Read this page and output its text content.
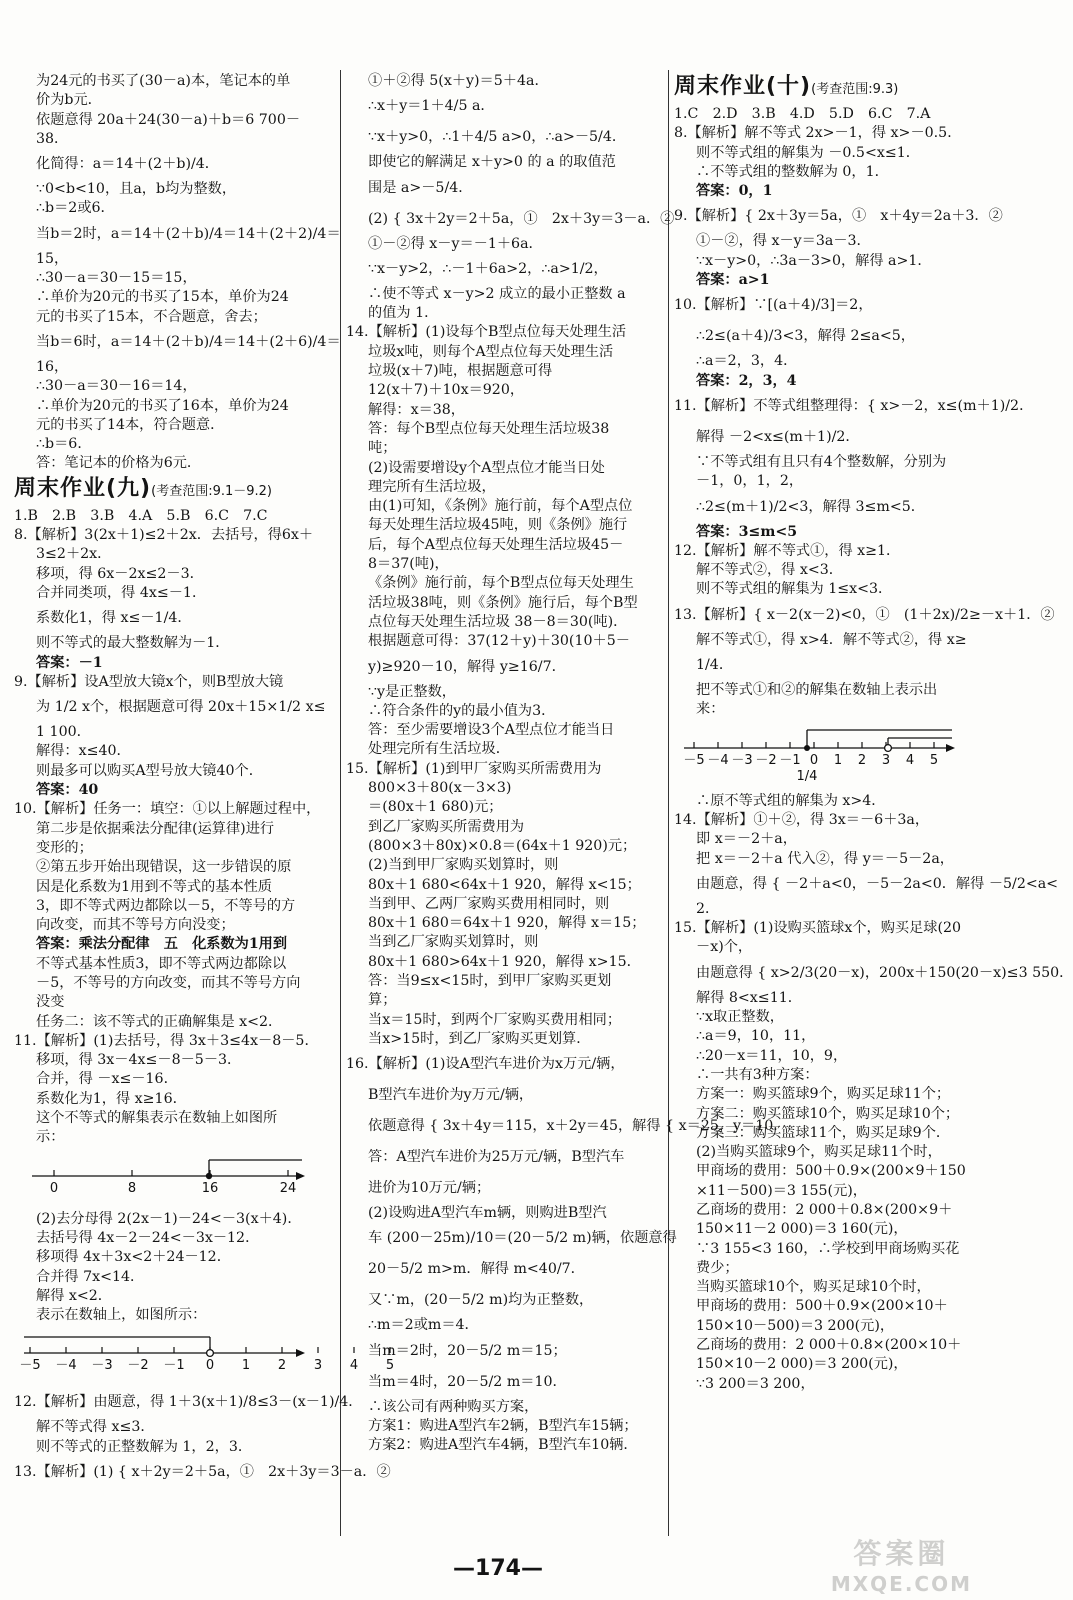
为24元的书买了(30－a)本，笔记本的单
价为b元．
依题意得 20a＋24(30－a)＋b＝6 700－
38．
化简得：a＝14＋(2＋b)/4．
∵0<b<10，且a，b均为整数，
∴b＝2或6．
当b＝2时，a＝14＋(2＋b)/4＝14＋(2＋2)/4＝
15，
∴30－a＝30－15＝15，
∴单价为20元的书买了15本，单价为24
元的书买了15本，不合题意，舍去；
当b＝6时，a＝14＋(2＋b)/4＝14＋(2＋6)/4＝
16，
∴30－a＝30－16＝14，
∴单价为20元的书买了16本，单价为24
元的书买了14本，符合题意．
∴b＝6．
答：笔记本的价格为6元．
周末作业(九)(考查范围:9.1－9.2)
1.B　2.B　3.B　4.A　5.B　6.C　7.C
8.【解析】3(2x＋1)≤2＋2x．去括号，得6x＋
3≤2＋2x．
移项，得 6x－2x≤2－3．
合并同类项，得 4x≤－1．
系数化1，得 x≤－1/4．
则不等式的最大整数解为－1．
答案：－1
9.【解析】设A型放大镜x个，则B型放大镜
为 1/2 x个，根据题意可得 20x＋15×1/2 x≤
1 100．
解得：x≤40．
则最多可以购买A型号放大镜40个．
答案：40
10.【解析】任务一：填空：①以上解题过程中，
第二步是依据乘法分配律(运算律)进行
变形的；
②第五步开始出现错误，这一步错误的原
因是化系数为1用到不等式的基本性质
3，即不等式两边都除以－5，不等号的方
向改变，而其不等号方向没变；
答案：乘法分配律　五　化系数为1用到
不等式基本性质3，即不等式两边都除以
－5，不等号的方向改变，而其不等号方向
没变
任务二：该不等式的正确解集是 x<2．
11.【解析】(1)去括号，得 3x＋3≤4x－8－5．
移项，得 3x－4x≤－8－5－3．
合并，得 －x≤－16．
系数化为1，得 x≥16．
这个不等式的解集表示在数轴上如图所
示：
0	8	16	24
(2)去分母得 2(2x－1)－24<－3(x＋4)．
去括号得 4x－2－24<－3x－12．
移项得 4x＋3x<2＋24－12．
合并得 7x<14．
解得 x<2．
表示在数轴上，如图所示：
－5 －4 －3 －2 －1 0 1 2 3 4 5
12.【解析】由题意，得 1＋3(x＋1)/8≤3－(x－1)/4．
解不等式得 x≤3．
则不等式的正整数解为 1，2，3．
13.【解析】(1) { x＋2y＝2＋5a，①　2x＋3y＝3－a．②
①＋②得 5(x＋y)＝5＋4a．
∴x＋y＝1＋4/5 a．
∵x＋y>0，∴1＋4/5 a>0，∴a>－5/4．
即使它的解满足 x＋y>0 的 a 的取值范
围是 a>－5/4．
(2) { 3x＋2y＝2＋5a，①　2x＋3y＝3－a．②
①－②得 x－y＝－1＋6a．
∵x－y>2，∴－1＋6a>2，∴a>1/2，
∴使不等式 x－y>2 成立的最小正整数 a
的值为 1．
14.【解析】(1)设每个B型点位每天处理生活
垃圾x吨，则每个A型点位每天处理生活
垃圾(x＋7)吨，根据题意可得
12(x＋7)＋10x＝920，
解得：x＝38，
答：每个B型点位每天处理生活垃圾38
吨；
(2)设需要增设y个A型点位才能当日处
理完所有生活垃圾，
由(1)可知，《条例》施行前，每个A型点位
每天处理生活垃圾45吨，则《条例》施行
后，每个A型点位每天处理生活垃圾45－
8＝37(吨)，
《条例》施行前，每个B型点位每天处理生
活垃圾38吨，则《条例》施行后，每个B型
点位每天处理生活垃圾 38－8＝30(吨)．
根据题意可得：37(12＋y)＋30(10＋5－
y)≥920－10，解得 y≥16/7．
∵y是正整数，
∴符合条件的y的最小值为3．
答：至少需要增设3个A型点位才能当日
处理完所有生活垃圾．
15.【解析】(1)到甲厂家购买所需费用为
800×3＋80(x－3×3)
＝(80x＋1 680)元；
到乙厂家购买所需费用为
(800×3＋80x)×0.8＝(64x＋1 920)元；
(2)当到甲厂家购买划算时，则
80x＋1 680<64x＋1 920，解得 x<15；
当到甲、乙两厂家购买费用相同时，则
80x＋1 680＝64x＋1 920，解得 x＝15；
当到乙厂家购买划算时，则
80x＋1 680>64x＋1 920，解得 x>15．
答：当9≤x<15时，到甲厂家购买更划
算；
当x＝15时，到两个厂家购买费用相同；
当x>15时，到乙厂家购买更划算．
16.【解析】(1)设A型汽车进价为x万元/辆，
B型汽车进价为y万元/辆，
依题意得 { 3x＋4y＝115，x＋2y＝45，解得 { x＝25，y＝10．
答：A型汽车进价为25万元/辆，B型汽车
进价为10万元/辆；
(2)设购进A型汽车m辆，则购进B型汽
车 (200－25m)/10＝(20－5/2 m)辆，依题意得
20－5/2 m>m．解得 m<40/7．
又∵m，(20－5/2 m)均为正整数，
∴m＝2或m＝4．
当m＝2时，20－5/2 m＝15；
当m＝4时，20－5/2 m＝10．
∴该公司有两种购买方案，
方案1：购进A型汽车2辆，B型汽车15辆；
方案2：购进A型汽车4辆，B型汽车10辆．
周末作业(十)(考查范围:9.3)
1.C　2.D　3.B　4.D　5.D　6.C　7.A
8.【解析】解不等式 2x>－1，得 x>－0.5．
则不等式组的解集为 －0.5<x≤1．
∴不等式组的整数解为 0，1．
答案：0，1
9.【解析】{ 2x＋3y＝5a，①　x＋4y＝2a＋3．②
①－②，得 x－y＝3a－3．
∵x－y>0，∴3a－3>0，解得 a>1．
答案：a>1
10.【解析】∵[(a＋4)/3]＝2，
∴2≤(a＋4)/3<3，解得 2≤a<5，
∴a＝2，3，4．
答案：2，3，4
11.【解析】不等式组整理得：{ x>－2，x≤(m＋1)/2．
解得 －2<x≤(m＋1)/2．
∵不等式组有且只有4个整数解，分别为
－1，0，1，2，
∴2≤(m＋1)/2<3，解得 3≤m<5．
答案：3≤m<5
12.【解析】解不等式①，得 x≥1．
解不等式②，得 x<3．
则不等式组的解集为 1≤x<3．
13.【解析】{ x－2(x－2)<0，①　(1＋2x)/2≥－x＋1．②
解不等式①，得 x>4．解不等式②，得 x≥
1/4．
把不等式①和②的解集在数轴上表示出
来：
－5 －4 －3 －2 －1 0 1 2 3 4 5
1/4
∴原不等式组的解集为 x>4．
14.【解析】①＋②，得 3x＝－6＋3a，
即 x＝－2＋a，
把 x＝－2＋a 代入②，得 y＝－5－2a，
由题意，得 { －2＋a<0，－5－2a<0．解得 －5/2<a<
2．
15.【解析】(1)设购买篮球x个，购买足球(20
－x)个，
由题意得 { x>2/3(20－x)，200x＋150(20－x)≤3 550．
解得 8<x≤11．
∵x取正整数，
∴a＝9，10，11，
∴20－x＝11，10，9，
∴一共有3种方案：
方案一：购买篮球9个，购买足球11个；
方案二：购买篮球10个，购买足球10个；
方案三：购买篮球11个，购买足球9个．
(2)当购买篮球9个，购买足球11个时，
甲商场的费用：500＋0.9×(200×9＋150
×11－500)＝3 155(元)，
乙商场的费用：2 000＋0.8×(200×9＋
150×11－2 000)＝3 160(元)，
∵3 155<3 160，∴学校到甲商场购买花
费少；
当购买篮球10个，购买足球10个时，
甲商场的费用：500＋0.9×(200×10＋
150×10－500)＝3 200(元)，
乙商场的费用：2 000＋0.8×(200×10＋
150×10－2 000)＝3 200(元)，
∵3 200＝3 200，
—174—	答案圈
MXQE.COM
